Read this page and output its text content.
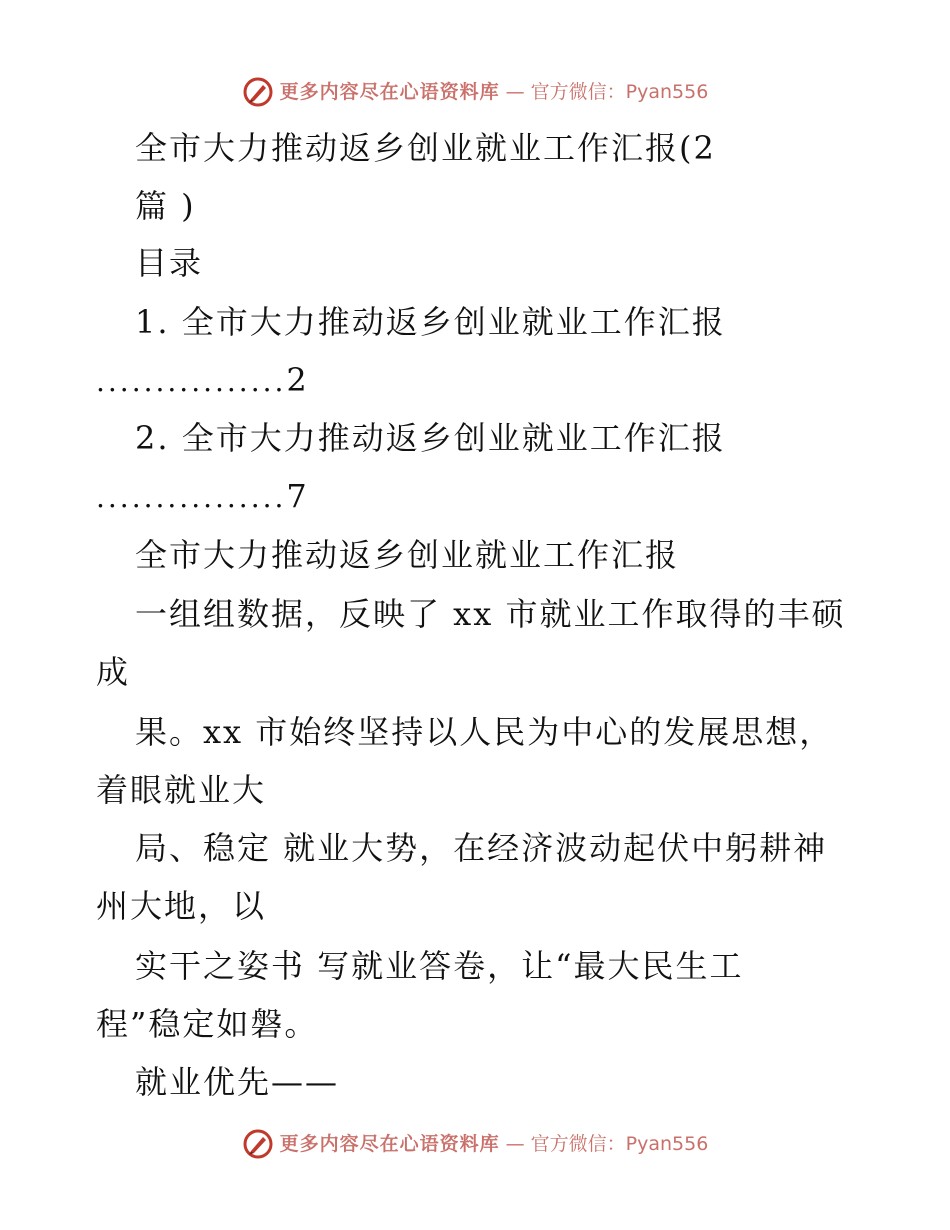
更多内容尽在心语资料库 — 官方微信：Pyan556
全市大力推动返乡创业就业工作汇报(2
篇 )
目录
1. 全市大力推动返乡创业就业工作汇报
................2
2. 全市大力推动返乡创业就业工作汇报
................7
全市大力推动返乡创业就业工作汇报
一组组数据，反映了 xx 市就业工作取得的丰硕
成
果。xx 市始终坚持以人民为中心的发展思想，
着眼就业大
局、稳定 就业大势，在经济波动起伏中躬耕神
州大地，以
实干之姿书 写就业答卷，让“最大民生工
程”稳定如磐。
就业优先——
更多内容尽在心语资料库 — 官方微信：Pyan556
